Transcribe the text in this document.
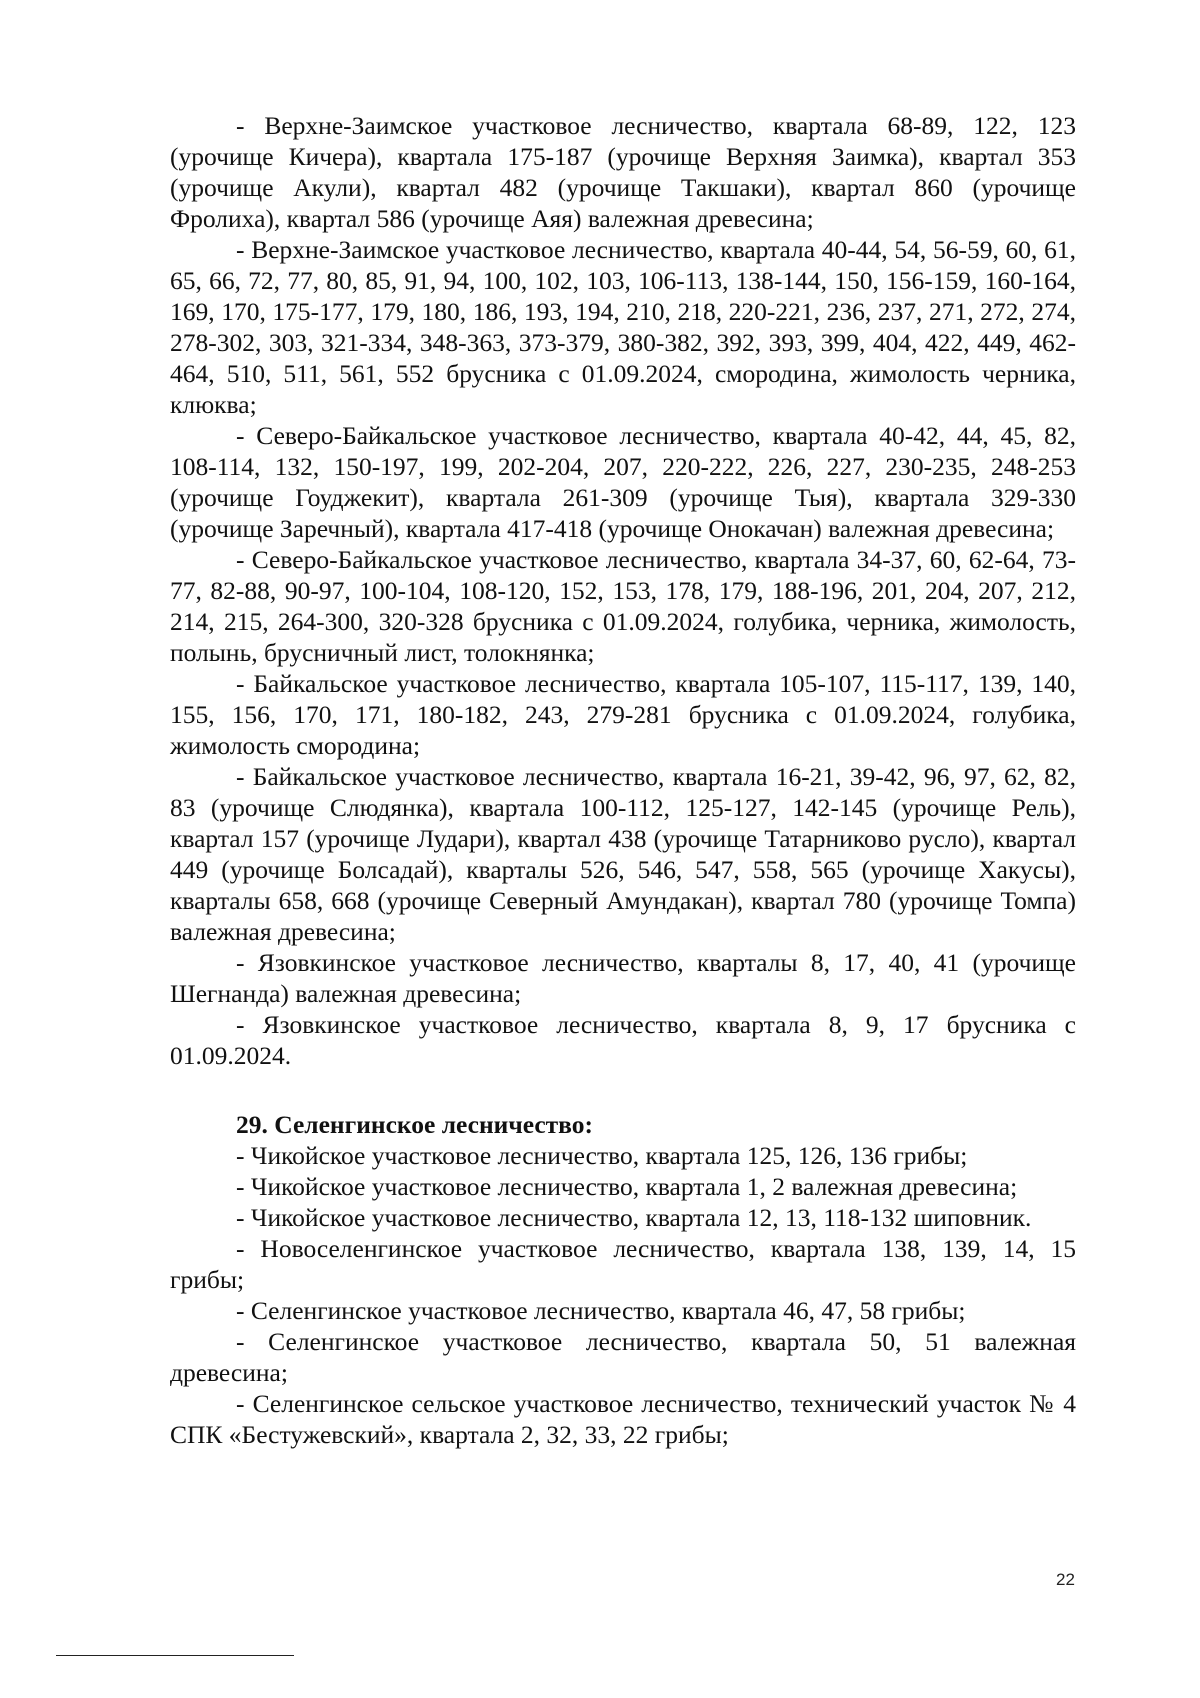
- Верхне-Заимское участковое лесничество, квартала 68-89, 122, 123 (урочище Кичера), квартала 175-187 (урочище Верхняя Заимка), квартал 353 (урочище Акули), квартал 482 (урочище Такшаки), квартал 860 (урочище Фролиха), квартал 586 (урочище Аяя) валежная древесина;

- Верхне-Заимское участковое лесничество, квартала 40-44, 54, 56-59, 60, 61, 65, 66, 72, 77, 80, 85, 91, 94, 100, 102, 103, 106-113, 138-144, 150, 156-159, 160-164, 169, 170, 175-177, 179, 180, 186, 193, 194, 210, 218, 220-221, 236, 237, 271, 272, 274, 278-302, 303, 321-334, 348-363, 373-379, 380-382, 392, 393, 399, 404, 422, 449, 462-464, 510, 511, 561, 552 брусника с 01.09.2024, смородина, жимолость черника, клюква;

- Северо-Байкальское участковое лесничество, квартала 40-42, 44, 45, 82, 108-114, 132, 150-197, 199, 202-204, 207, 220-222, 226, 227, 230-235, 248-253 (урочище Гоуджекит), квартала 261-309 (урочище Тыя), квартала 329-330 (урочище Заречный), квартала 417-418 (урочище Онокачан) валежная древесина;

- Северо-Байкальское участковое лесничество, квартала 34-37, 60, 62-64, 73-77, 82-88, 90-97, 100-104, 108-120, 152, 153, 178, 179, 188-196, 201, 204, 207, 212, 214, 215, 264-300, 320-328 брусника с 01.09.2024, голубика, черника, жимолость, полынь, брусничный лист, толокнянка;

- Байкальское участковое лесничество, квартала 105-107, 115-117, 139, 140, 155, 156, 170, 171, 180-182, 243, 279-281 брусника с 01.09.2024, голубика, жимолость смородина;

- Байкальское участковое лесничество, квартала 16-21, 39-42, 96, 97, 62, 82, 83 (урочище Слюдянка), квартала 100-112, 125-127, 142-145 (урочище Рель), квартал 157 (урочище Лудари), квартал 438 (урочище Татарниково русло), квартал 449 (урочище Болсадай), кварталы 526, 546, 547, 558, 565 (урочище Хакусы), кварталы 658, 668 (урочище Северный Амундакан), квартал 780 (урочище Томпа) валежная древесина;

- Язовкинское участковое лесничество, кварталы 8, 17, 40, 41 (урочище Шегнанда) валежная древесина;

- Язовкинское участковое лесничество, квартала 8, 9, 17 брусника с 01.09.2024.

29. Селенгинское лесничество:

- Чикойское участковое лесничество, квартала 125, 126, 136 грибы;

- Чикойское участковое лесничество, квартала 1, 2 валежная древесина;

- Чикойское участковое лесничество, квартала 12, 13, 118-132 шиповник.

- Новоселенгинское участковое лесничество, квартала 138, 139, 14, 15 грибы;

- Селенгинское участковое лесничество, квартала 46, 47, 58 грибы;

- Селенгинское участковое лесничество, квартала 50, 51 валежная древесина;

- Селенгинское сельское участковое лесничество, технический участок № 4 СПК «Бестужевский», квартала 2, 32, 33, 22 грибы;

22
